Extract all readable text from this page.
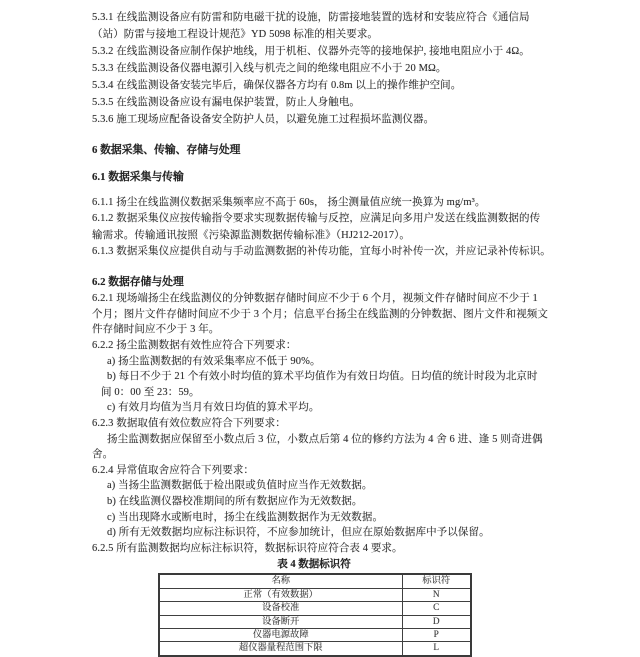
5.3.1 在线监测设备应有防雷和防电磁干扰的设施，防雷接地装置的选材和安装应符合《通信局
（站）防雷与接地工程设计规范》YD 5098 标准的相关要求。
5.3.2 在线监测设备应制作保护地线，用于机柜、仪器外壳等的接地保护, 接地电阻应小于 4Ω。
5.3.3 在线监测设备仪器电源引入线与机壳之间的绝缘电阻应不小于 20 MΩ。
5.3.4 在线监测设备安装完毕后，确保仪器各方均有 0.8m 以上的操作维护空间。
5.3.5 在线监测设备应设有漏电保护装置，防止人身触电。
5.3.6 施工现场应配备设备安全防护人员，以避免施工过程损坏监测仪器。
6 数据采集、传输、存储与处理
6.1 数据采集与传输
6.1.1 扬尘在线监测仪数据采集频率应不高于 60s， 扬尘测量值应统一换算为 mg/m³。
6.1.2 数据采集仪应按传输指令要求实现数据传输与反控，应满足向多用户发送在线监测数据的传
输需求。传输通讯按照《污染源监测数据传输标准》（HJ212-2017）。
6.1.3 数据采集仪应提供自动与手动监测数据的补传功能，宜每小时补传一次，并应记录补传标识。
6.2 数据存储与处理
6.2.1 现场端扬尘在线监测仪的分钟数据存储时间应不少于 6 个月，视频文件存储时间应不少于 1
个月；图片文件存储时间应不少于 3 个月；信息平台扬尘在线监测的分钟数据、图片文件和视频文
件存储时间应不少于 3 年。
6.2.2 扬尘监测数据有效性应符合下列要求：
a) 扬尘监测数据的有效采集率应不低于 90%。
b) 每日不少于 21 个有效小时均值的算术平均值作为有效日均值。日均值的统计时段为北京时
间 0：00 至 23：59。
c) 有效月均值为当月有效日均值的算术平均。
6.2.3 数据取值有效位数应符合下列要求：
扬尘监测数据应保留至小数点后 3 位，小数点后第 4 位的修约方法为 4 舍 6 进、逢 5 则奇进偶
舍。
6.2.4 异常值取舍应符合下列要求：
a) 当扬尘监测数据低于检出限或负值时应当作无效数据。
b) 在线监测仪器校准期间的所有数据应作为无效数据。
c) 当出现降水或断电时，扬尘在线监测数据作为无效数据。
d) 所有无效数据均应标注标识符，不应参加统计，但应在原始数据库中予以保留。
6.2.5 所有监测数据均应标注标识符，数据标识符应符合表 4 要求。
表 4 数据标识符
名称	标识符
正常（有效数据）	N
设备校准	C
设备断开	D
仪器电源故障	P
超仪器量程范围下限	L
